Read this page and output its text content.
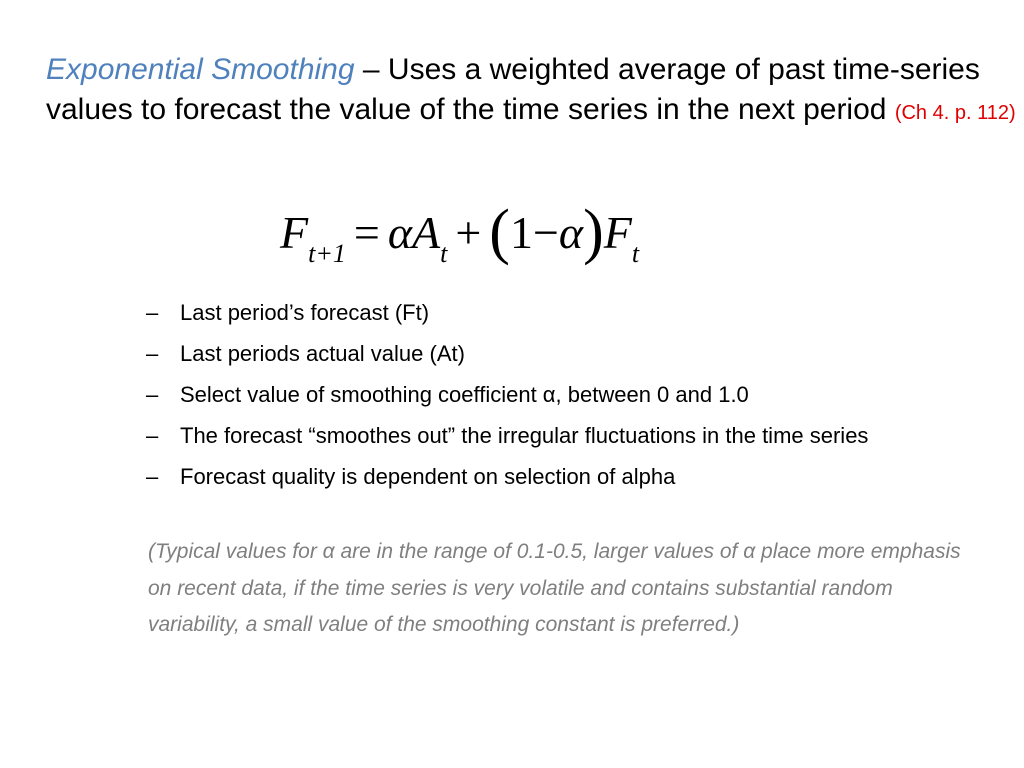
Exponential Smoothing – Uses a weighted average of past time-series values to forecast the value of the time series in the next period (Ch 4. p. 112)

$F_{t+1} = \alpha A_t + (1-\alpha)F_t$
– Last period’s forecast (Ft)
– Last periods actual value (At)
– Select value of smoothing coefficient α, between 0 and 1.0
– The forecast “smoothes out” the irregular fluctuations in the time series
– Forecast quality is dependent on selection of alpha

(Typical values for α are in the range of 0.1-0.5, larger values of α place more emphasis on recent data, if the time series is very volatile and contains substantial random variability, a small value of the smoothing constant is preferred.)
